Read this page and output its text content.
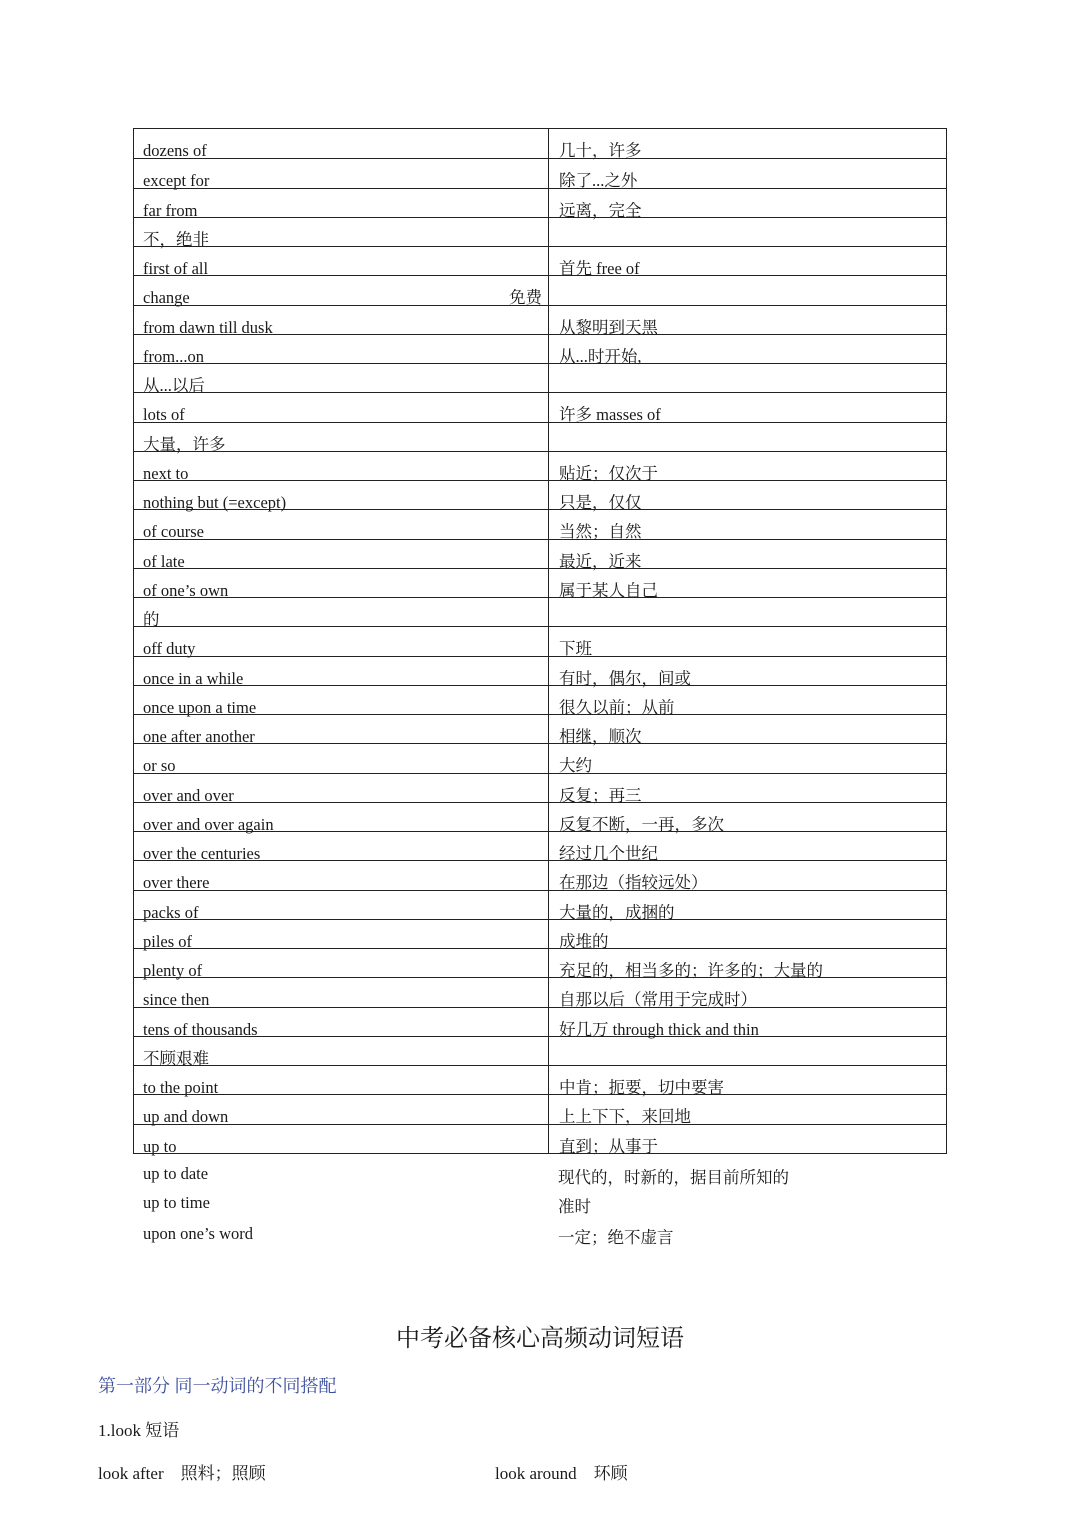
dozens of	几十，许多
except for	除了...之外
far from	远离，完全
不，绝非
first of all	首先 free of
change	免费
from dawn till dusk	从黎明到天黑
from...on	从...时开始,
从...以后
lots of	许多 masses of
大量，许多
next to	贴近；仅次于
nothing but (=except)	只是，仅仅
of course	当然；自然
of late	最近，近来
of one’s own	属于某人自己
的
off duty	下班
once in a while	有时，偶尔，间或
once upon a time	很久以前；从前
one after another	相继，顺次
or so	大约
over and over	反复；再三
over and over again	反复不断，一再，多次
over the centuries	经过几个世纪
over there	在那边（指较远处）
packs of	大量的，成捆的
piles of	成堆的
plenty of	充足的，相当多的；许多的；大量的
since then	自那以后（常用于完成时）
tens of thousands	好几万 through thick and thin
不顾艰难
to the point	中肯；扼要，切中要害
up and down	上上下下，来回地
up to	直到；从事于
up to date	现代的，时新的，据目前所知的
up to time	准时
upon one’s word	一定；绝不虚言
中考必备核心高频动词短语
第一部分 同一动词的不同搭配
1.look 短语
look after    照料；照顾	look around    环顾
